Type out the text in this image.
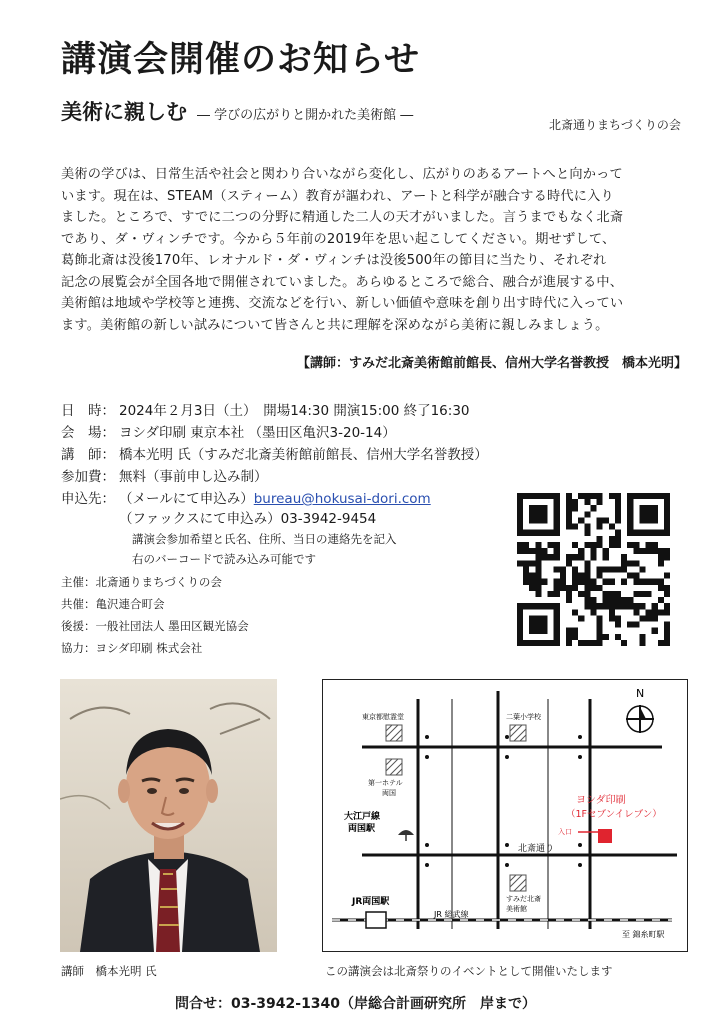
講演会開催のお知らせ
美術に親しむ ― 学びの広がりと開かれた美術館 ―
北斎通りまちづくりの会
美術の学びは、日常生活や社会と関わり合いながら変化し、広がりのあるアートへと向かって
います。現在は、STEAM（スティーム）教育が謳われ、アートと科学が融合する時代に入り
ました。ところで、すでに二つの分野に精通した二人の天才がいました。言うまでもなく北斎
であり、ダ・ヴィンチです。今から５年前の2019年を思い起こしてください。期せずして、
葛飾北斎は没後170年、レオナルド・ダ・ヴィンチは没後500年の節目に当たり、それぞれ
記念の展覧会が全国各地で開催されていました。あらゆるところで総合、融合が進展する中、
美術館は地域や学校等と連携、交流などを行い、新しい価値や意味を創り出す時代に入ってい
ます。美術館の新しい試みについて皆さんと共に理解を深めながら美術に親しみましょう。
【講師：すみだ北斎美術館前館長、信州大学名誉教授　橋本光明】
日　時： 2024年２月3日（土）　開場14:30 開演15:00 終了16:30
会　場： ヨシダ印刷 東京本社 （墨田区亀沢3-20-14）
講　師： 橋本光明 氏（すみだ北斎美術館前館長、信州大学名誉教授）
参加費： 無料（事前申し込み制）
申込先： （メールにて申込み）bureau@hokusai-dori.com
（ファックスにて申込み）03-3942-9454
講演会参加希望と氏名、住所、当日の連絡先を記入
右のバーコードで読み込み可能です
主催：北斎通りまちづくりの会
共催：亀沢連合町会
後援：一般社団法人 墨田区観光協会
協力：ヨシダ印刷 株式会社
講師　橋本光明 氏
N
東京都慰霊堂	二葉小学校
第一ホテル
両国
大江戸線
両国駅
ヨシダ印刷
（1Fセブンイレブン）
入口
北斎通り
すみだ北斎
美術館
JR両国駅
JR 総武線
至 錦糸町駅
この講演会は北斎祭りのイベントとして開催いたします
問合せ：03-3942-1340（岸総合計画研究所　岸まで）
